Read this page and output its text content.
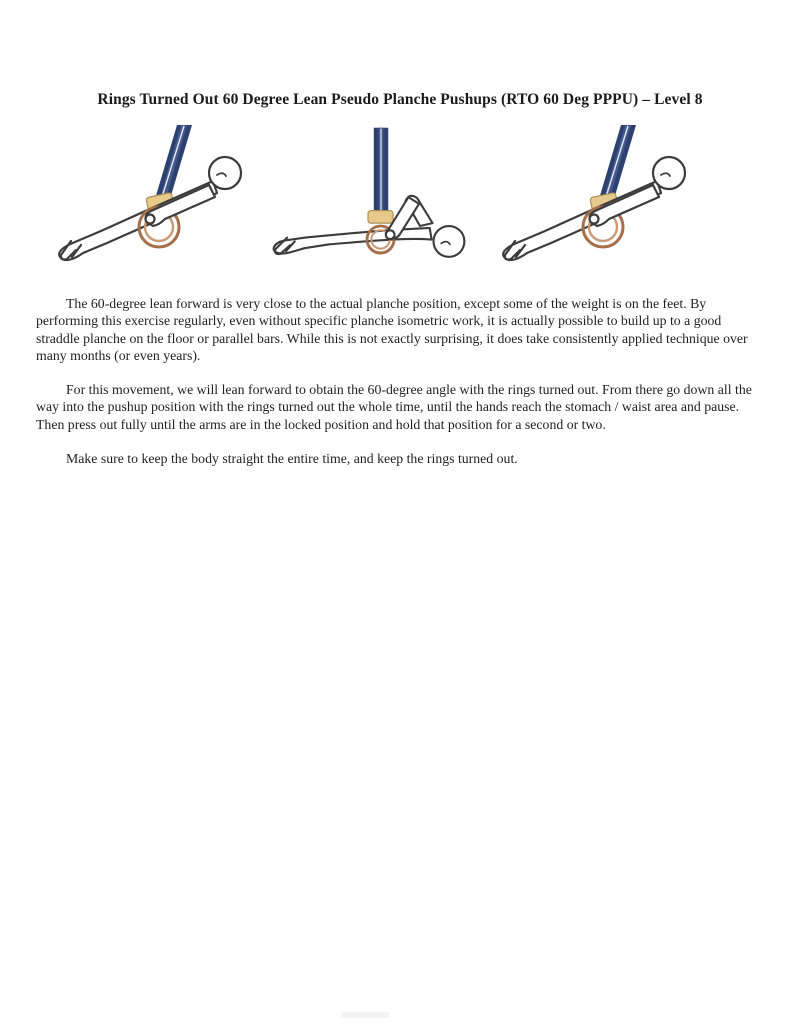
Rings Turned Out 60 Degree Lean Pseudo Planche Pushups (RTO 60 Deg PPPU) – Level 8

The 60-degree lean forward is very close to the actual planche position, except some of the weight is on the feet. By performing this exercise regularly, even without specific planche isometric work, it is actually possible to build up to a good straddle planche on the floor or parallel bars. While this is not exactly surprising, it does take consistently applied technique over many months (or even years).

For this movement, we will lean forward to obtain the 60-degree angle with the rings turned out. From there go down all the way into the pushup position with the rings turned out the whole time, until the hands reach the stomach / waist area and pause. Then press out fully until the arms are in the locked position and hold that position for a second or two.

Make sure to keep the body straight the entire time, and keep the rings turned out.
